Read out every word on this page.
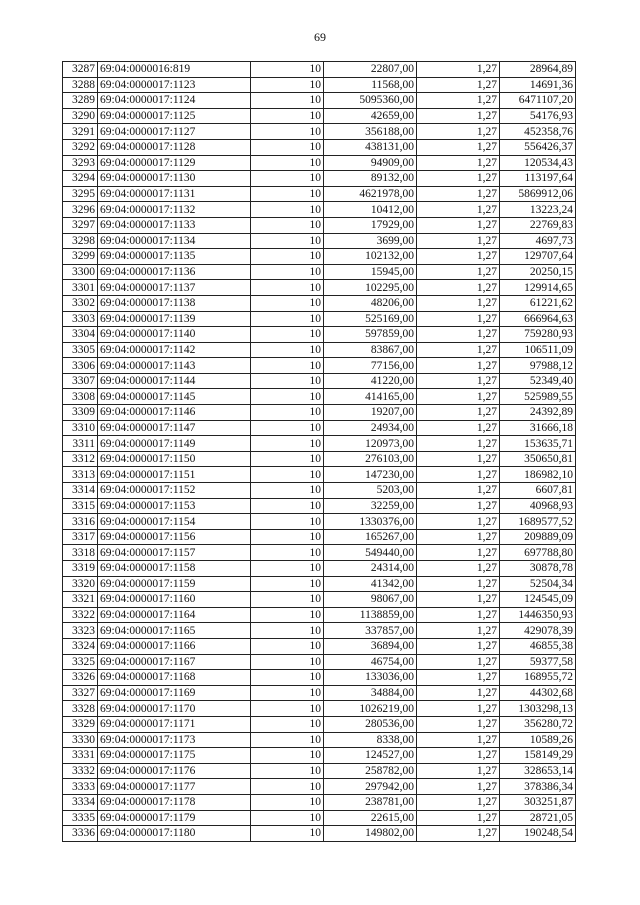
69
3287	69:04:0000016:819	10	22807,00	1,27	28964,89
3288	69:04:0000017:1123	10	11568,00	1,27	14691,36
3289	69:04:0000017:1124	10	5095360,00	1,27	6471107,20
3290	69:04:0000017:1125	10	42659,00	1,27	54176,93
3291	69:04:0000017:1127	10	356188,00	1,27	452358,76
3292	69:04:0000017:1128	10	438131,00	1,27	556426,37
3293	69:04:0000017:1129	10	94909,00	1,27	120534,43
3294	69:04:0000017:1130	10	89132,00	1,27	113197,64
3295	69:04:0000017:1131	10	4621978,00	1,27	5869912,06
3296	69:04:0000017:1132	10	10412,00	1,27	13223,24
3297	69:04:0000017:1133	10	17929,00	1,27	22769,83
3298	69:04:0000017:1134	10	3699,00	1,27	4697,73
3299	69:04:0000017:1135	10	102132,00	1,27	129707,64
3300	69:04:0000017:1136	10	15945,00	1,27	20250,15
3301	69:04:0000017:1137	10	102295,00	1,27	129914,65
3302	69:04:0000017:1138	10	48206,00	1,27	61221,62
3303	69:04:0000017:1139	10	525169,00	1,27	666964,63
3304	69:04:0000017:1140	10	597859,00	1,27	759280,93
3305	69:04:0000017:1142	10	83867,00	1,27	106511,09
3306	69:04:0000017:1143	10	77156,00	1,27	97988,12
3307	69:04:0000017:1144	10	41220,00	1,27	52349,40
3308	69:04:0000017:1145	10	414165,00	1,27	525989,55
3309	69:04:0000017:1146	10	19207,00	1,27	24392,89
3310	69:04:0000017:1147	10	24934,00	1,27	31666,18
3311	69:04:0000017:1149	10	120973,00	1,27	153635,71
3312	69:04:0000017:1150	10	276103,00	1,27	350650,81
3313	69:04:0000017:1151	10	147230,00	1,27	186982,10
3314	69:04:0000017:1152	10	5203,00	1,27	6607,81
3315	69:04:0000017:1153	10	32259,00	1,27	40968,93
3316	69:04:0000017:1154	10	1330376,00	1,27	1689577,52
3317	69:04:0000017:1156	10	165267,00	1,27	209889,09
3318	69:04:0000017:1157	10	549440,00	1,27	697788,80
3319	69:04:0000017:1158	10	24314,00	1,27	30878,78
3320	69:04:0000017:1159	10	41342,00	1,27	52504,34
3321	69:04:0000017:1160	10	98067,00	1,27	124545,09
3322	69:04:0000017:1164	10	1138859,00	1,27	1446350,93
3323	69:04:0000017:1165	10	337857,00	1,27	429078,39
3324	69:04:0000017:1166	10	36894,00	1,27	46855,38
3325	69:04:0000017:1167	10	46754,00	1,27	59377,58
3326	69:04:0000017:1168	10	133036,00	1,27	168955,72
3327	69:04:0000017:1169	10	34884,00	1,27	44302,68
3328	69:04:0000017:1170	10	1026219,00	1,27	1303298,13
3329	69:04:0000017:1171	10	280536,00	1,27	356280,72
3330	69:04:0000017:1173	10	8338,00	1,27	10589,26
3331	69:04:0000017:1175	10	124527,00	1,27	158149,29
3332	69:04:0000017:1176	10	258782,00	1,27	328653,14
3333	69:04:0000017:1177	10	297942,00	1,27	378386,34
3334	69:04:0000017:1178	10	238781,00	1,27	303251,87
3335	69:04:0000017:1179	10	22615,00	1,27	28721,05
3336	69:04:0000017:1180	10	149802,00	1,27	190248,54
